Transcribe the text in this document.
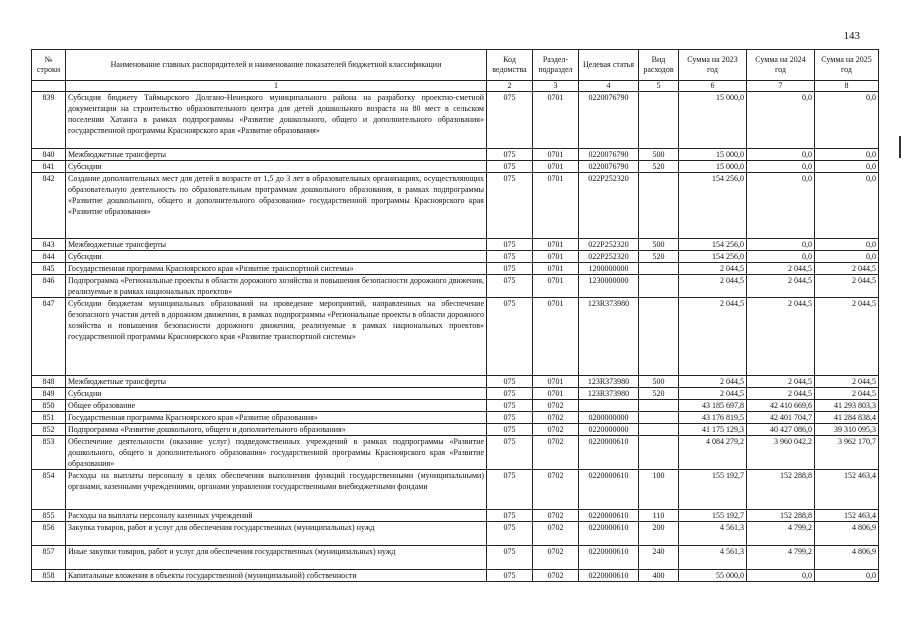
143
№ строки	Наименование главных распорядителей и наименование показателей бюджетной классификации	Код ведомства	Раздел-подраздел	Целевая статья	Вид расходов	Сумма на 2023 год	Сумма на 2024 год	Сумма на 2025 год
	1	2	3	4	5	6	7	8
839	Субсидия бюджету Таймырского Долгано-Ненецкого муниципального района на разработку проектно-сметной документации на строительство образовательного центра для детей дошкольного возраста на 80 мест в сельском поселении Хатанга в рамках подпрограммы «Развитие дошкольного, общего и дополнительного образования» государственной программы Красноярского края «Развитие образования»	075	0701	0220076790		15 000,0	0,0	0,0
840	Межбюджетные трансферты	075	0701	0220076790	500	15 000,0	0,0	0,0
841	Субсидии	075	0701	0220076790	520	15 000,0	0,0	0,0
842	Создание дополнительных мест для детей в возрасте от 1,5 до 3 лет в образовательных организациях, осуществляющих образовательную деятельность по образовательным программам дошкольного образования, в рамках подпрограммы «Развитие дошкольного, общего и дополнительного образования» государственной программы Красноярского края «Развитие образования»	075	0701	022P252320		154 256,0	0,0	0,0
843	Межбюджетные трансферты	075	0701	022P252320	500	154 256,0	0,0	0,0
844	Субсидии	075	0701	022P252320	520	154 256,0	0,0	0,0
845	Государственная программа Красноярского края «Развитие транспортной системы»	075	0701	1200000000		2 044,5	2 044,5	2 044,5
846	Подпрограмма «Региональные проекты в области дорожного хозяйства и повышения безопасности дорожного движения, реализуемые в рамках национальных проектов»	075	0701	1230000000		2 044,5	2 044,5	2 044,5
847	Субсидии бюджетам муниципальных образований на проведение мероприятий, направленных на обеспечение безопасного участия детей в дорожном движении, в рамках подпрограммы «Региональные проекты в области дорожного хозяйства и повышения безопасности дорожного движения, реализуемые в рамках национальных проектов» государственной программы Красноярского края «Развитие транспортной системы»	075	0701	123R373980		2 044,5	2 044,5	2 044,5
848	Межбюджетные трансферты	075	0701	123R373980	500	2 044,5	2 044,5	2 044,5
849	Субсидии	075	0701	123R373980	520	2 044,5	2 044,5	2 044,5
850	Общее образование	075	0702			43 185 697,8	42 410 669,6	41 293 803,3
851	Государственная программа Красноярского края «Развитие образования»	075	0702	0200000000		43 176 819,5	42 401 704,7	41 284 838,4
852	Подпрограмма «Развитие дошкольного, общего и дополнительного образования»	075	0702	0220000000		41 175 129,3	40 427 086,0	39 310 095,3
853	Обеспечение деятельности (оказание услуг) подведомственных учреждений в рамках подпрограммы «Развитие дошкольного, общего и дополнительного образования» государственной программы Красноярского края «Развитие образования»	075	0702	0220000610		4 084 279,2	3 960 042,2	3 962 170,7
854	Расходы на выплаты персоналу в целях обеспечения выполнения функций государственными (муниципальными) органами, казенными учреждениями, органами управления государственными внебюджетными фондами	075	0702	0220000610	100	155 192,7	152 288,8	152 463,4
855	Расходы на выплаты персоналу казенных учреждений	075	0702	0220000610	110	155 192,7	152 288,8	152 463,4
856	Закупка товаров, работ и услуг для обеспечения государственных (муниципальных) нужд	075	0702	0220000610	200	4 561,3	4 799,2	4 806,9
857	Иные закупки товаров, работ и услуг для обеспечения государственных (муниципальных) нужд	075	0702	0220000610	240	4 561,3	4 799,2	4 806,9
858	Капитальные вложения в объекты государственной (муниципальной) собственности	075	0702	0220000610	400	55 000,0	0,0	0,0
